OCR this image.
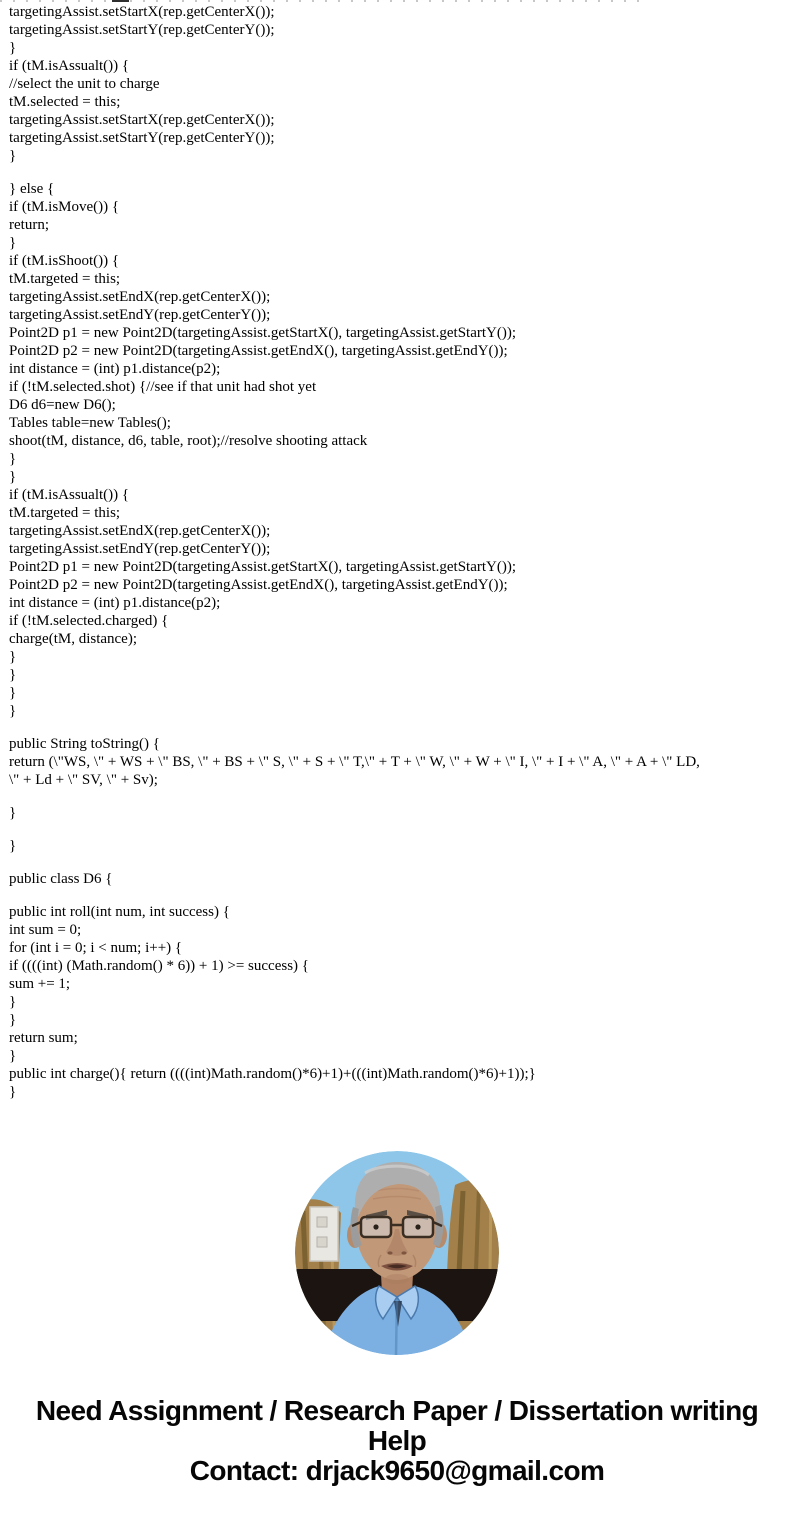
targetingAssist.setStartX(rep.getCenterX());
targetingAssist.setStartY(rep.getCenterY());
}
if (tM.isAssualt()) {
//select the unit to charge
tM.selected = this;
targetingAssist.setStartX(rep.getCenterX());
targetingAssist.setStartY(rep.getCenterY());
}
} else {
if (tM.isMove()) {
return;
}
if (tM.isShoot()) {
tM.targeted = this;
targetingAssist.setEndX(rep.getCenterX());
targetingAssist.setEndY(rep.getCenterY());
Point2D p1 = new Point2D(targetingAssist.getStartX(), targetingAssist.getStartY());
Point2D p2 = new Point2D(targetingAssist.getEndX(), targetingAssist.getEndY());
int distance = (int) p1.distance(p2);
if (!tM.selected.shot) {//see if that unit had shot yet
D6 d6=new D6();
Tables table=new Tables();
shoot(tM, distance, d6, table, root);//resolve shooting attack
}
}
if (tM.isAssualt()) {
tM.targeted = this;
targetingAssist.setEndX(rep.getCenterX());
targetingAssist.setEndY(rep.getCenterY());
Point2D p1 = new Point2D(targetingAssist.getStartX(), targetingAssist.getStartY());
Point2D p2 = new Point2D(targetingAssist.getEndX(), targetingAssist.getEndY());
int distance = (int) p1.distance(p2);
if (!tM.selected.charged) {
charge(tM, distance);
}
}
}
}
public String toString() {
return (\"WS, \" + WS + \" BS, \" + BS + \" S, \" + S + \" T,\" + T + \" W, \" + W + \" I, \" + I + \" A, \" + A + \" LD, \" + Ld + \" SV, \" + Sv);
}
}
public class D6 {
public int roll(int num, int success) {
int sum = 0;
for (int i = 0; i < num; i++) {
if ((((int) (Math.random() * 6)) + 1) >= success) {
sum += 1;
}
}
return sum;
}
public int charge(){ return ((((int)Math.random()*6)+1)+(((int)Math.random()*6)+1));}
}
Need Assignment / Research Paper / Dissertation writing Help
Contact: drjack9650@gmail.com
